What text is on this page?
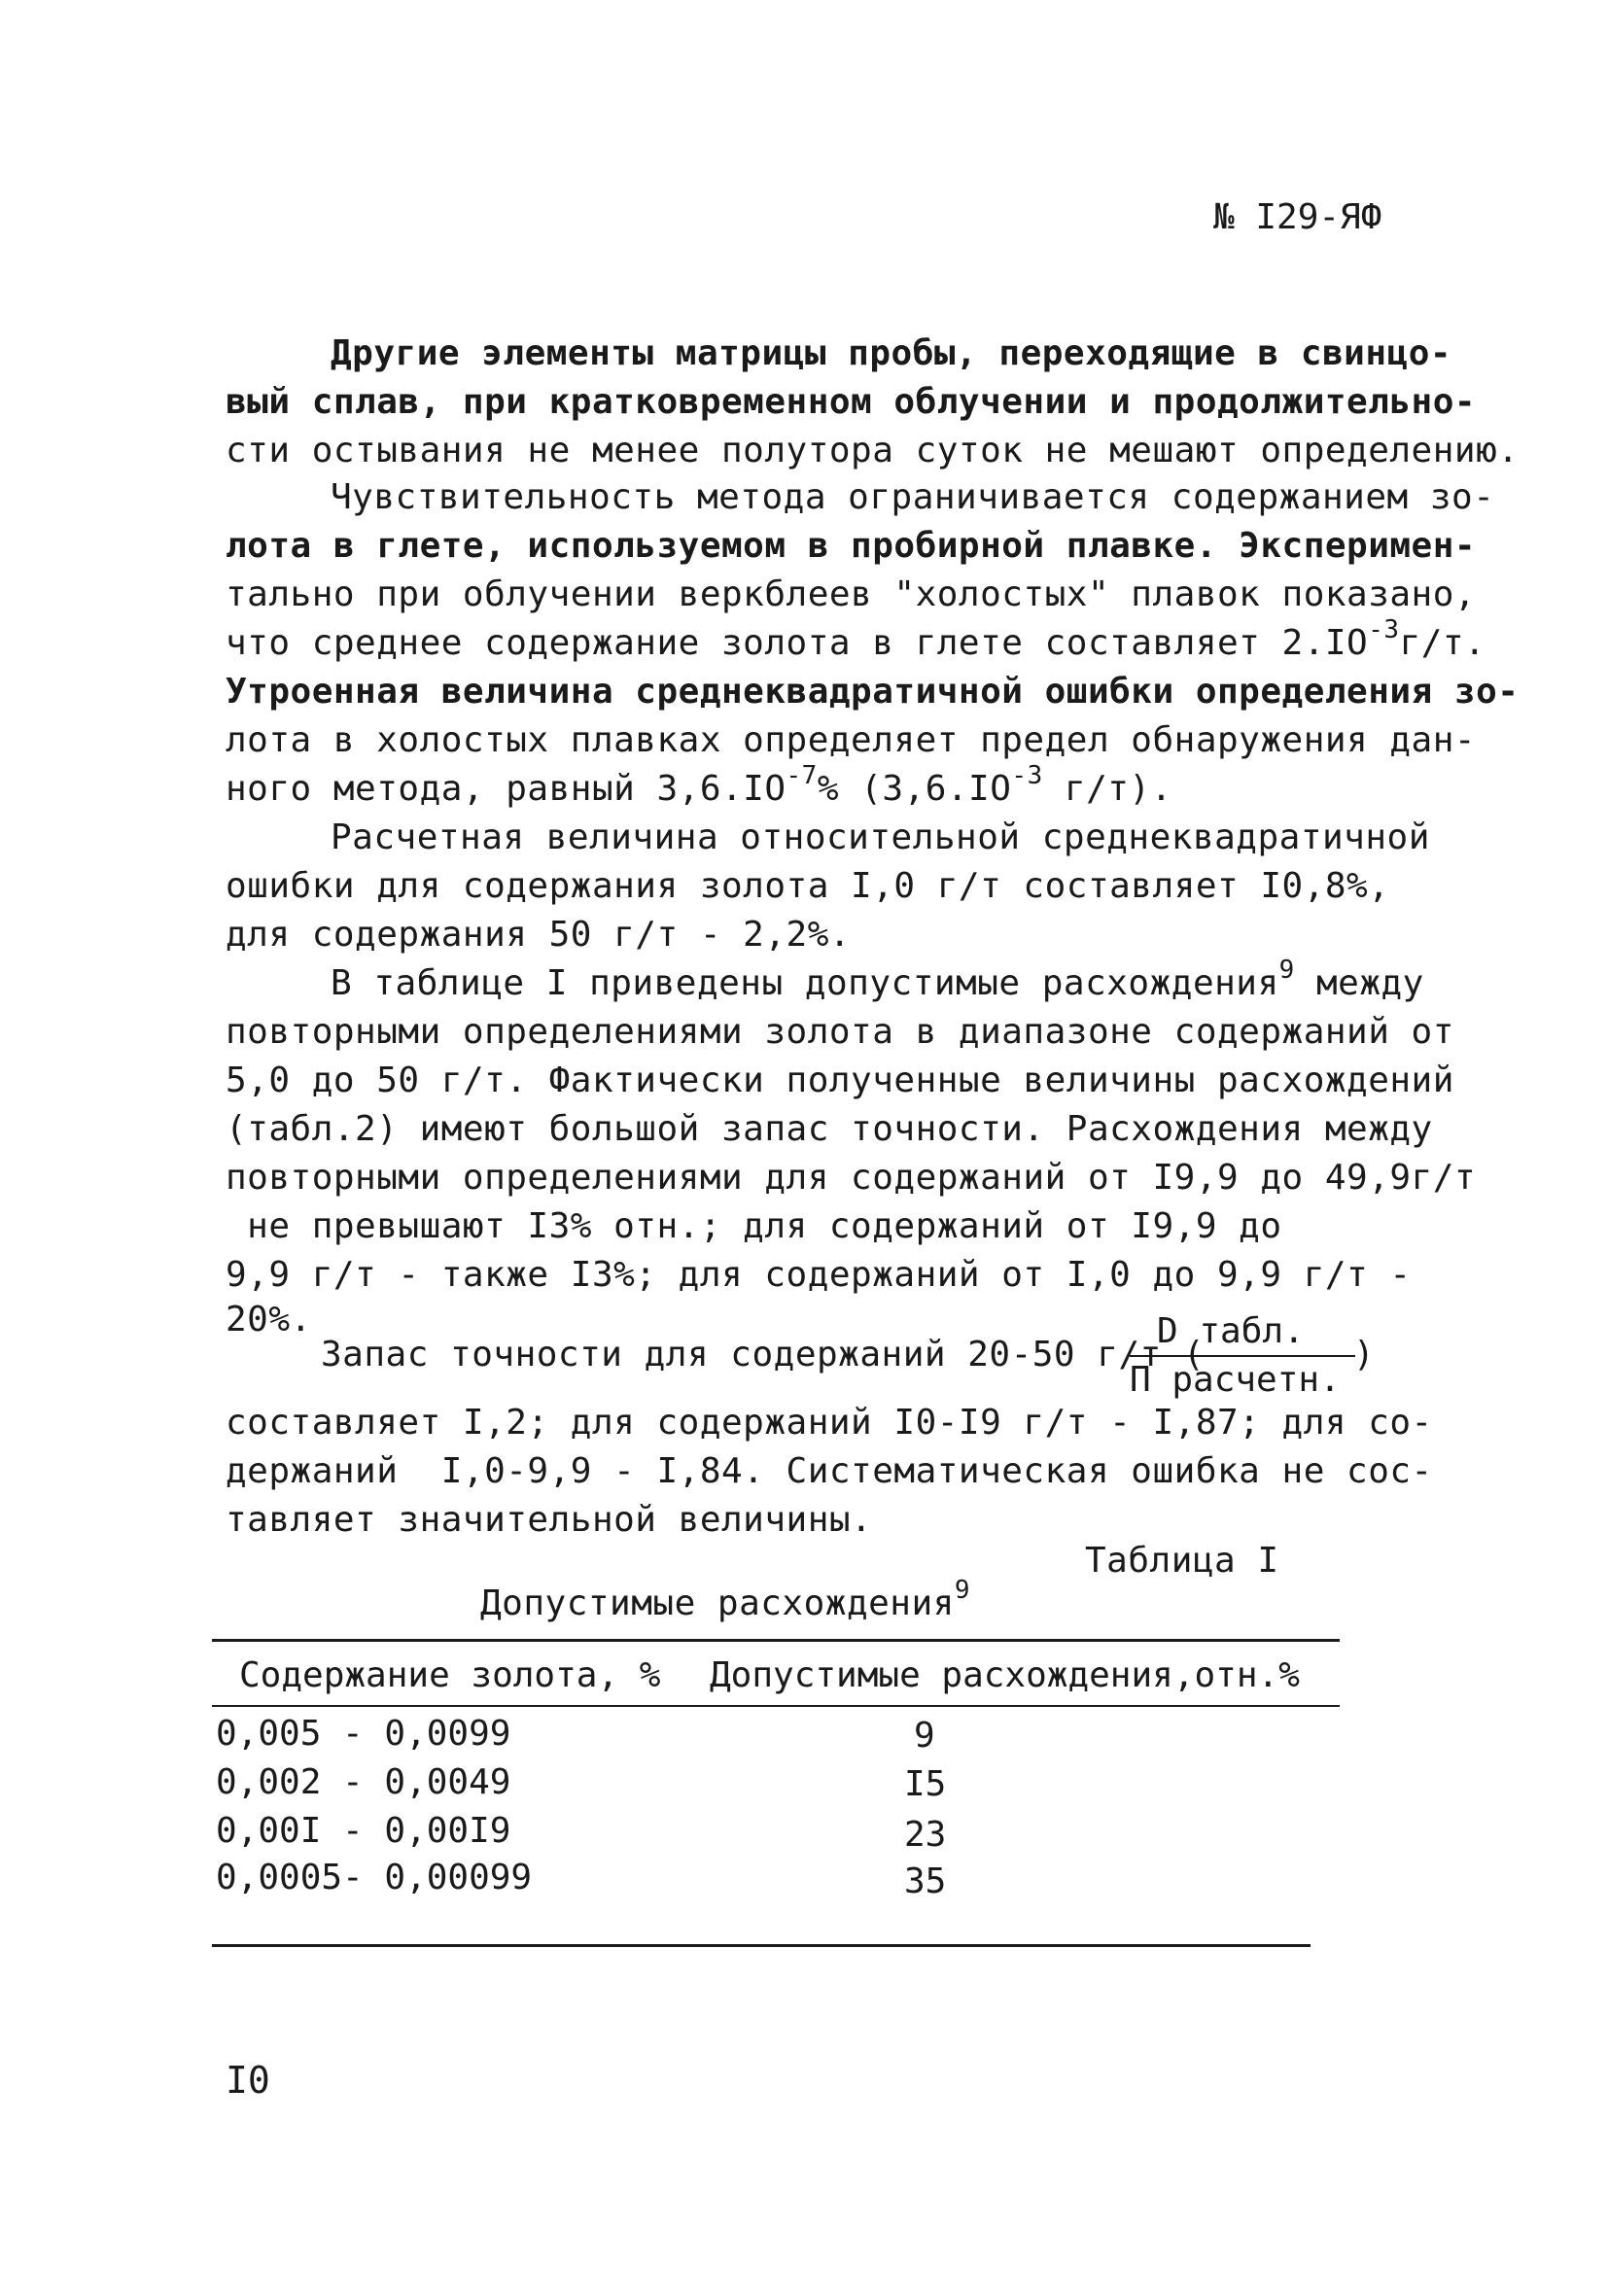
№ I29-ЯФ
Другие элементы матрицы пробы, переходящие в свинцо-
вый сплав, при кратковременном облучении и продолжительно-
сти остывания не менее полутора суток не мешают определению.
Чувствительность метода ограничивается содержанием зо-
лота в глете, используемом в пробирной плавке. Эксперимен-
тально при облучении веркблеев "холостых" плавок показано,
что среднее содержание золота в глете составляет $2.IO^{-3}г/т$.
Утроенная величина среднеквадратичной ошибки определения зо-
лота в холостых плавках определяет предел обнаружения дан-
ного метода, равный $3,6.IO^{-7}\%$ ($3,6.IO^{-3}$ г/т).
Расчетная величина относительной среднеквадратичной
ошибки для содержания золота I,0 г/т составляет I0,8%,
для содержания 50 г/т - 2,2%.
В таблице I приведены допустимые расхождения$^9$ между
повторными определениями золота в диапазоне содержаний от
5,0 до 50 г/т. Фактически полученные величины расхождений
(табл.2) имеют большой запас точности. Расхождения между
повторными определениями для содержаний от I9,9 до 49,9г/т
не превышают I3% отн.; для содержаний от I9,9 до
9,9 г/т - также I3%; для содержаний от I,0 до 9,9 г/т -
20%.
Запас точности для содержаний 20-50 г/т (
D табл.
П расчетн.
)
составляет I,2; для содержаний I0-I9 г/т - I,87; для со-
держаний  I,0-9,9 - I,84. Систематическая ошибка не сос-
тавляет значительной величины.
Таблица I
Допустимые расхождения$^9$
Содержание золота, % Допустимые расхождения,отн.%
0,005 - 0,0099	9
0,002 - 0,0049	I5
0,00I - 0,00I9	23
0,0005- 0,00099	35
I0
